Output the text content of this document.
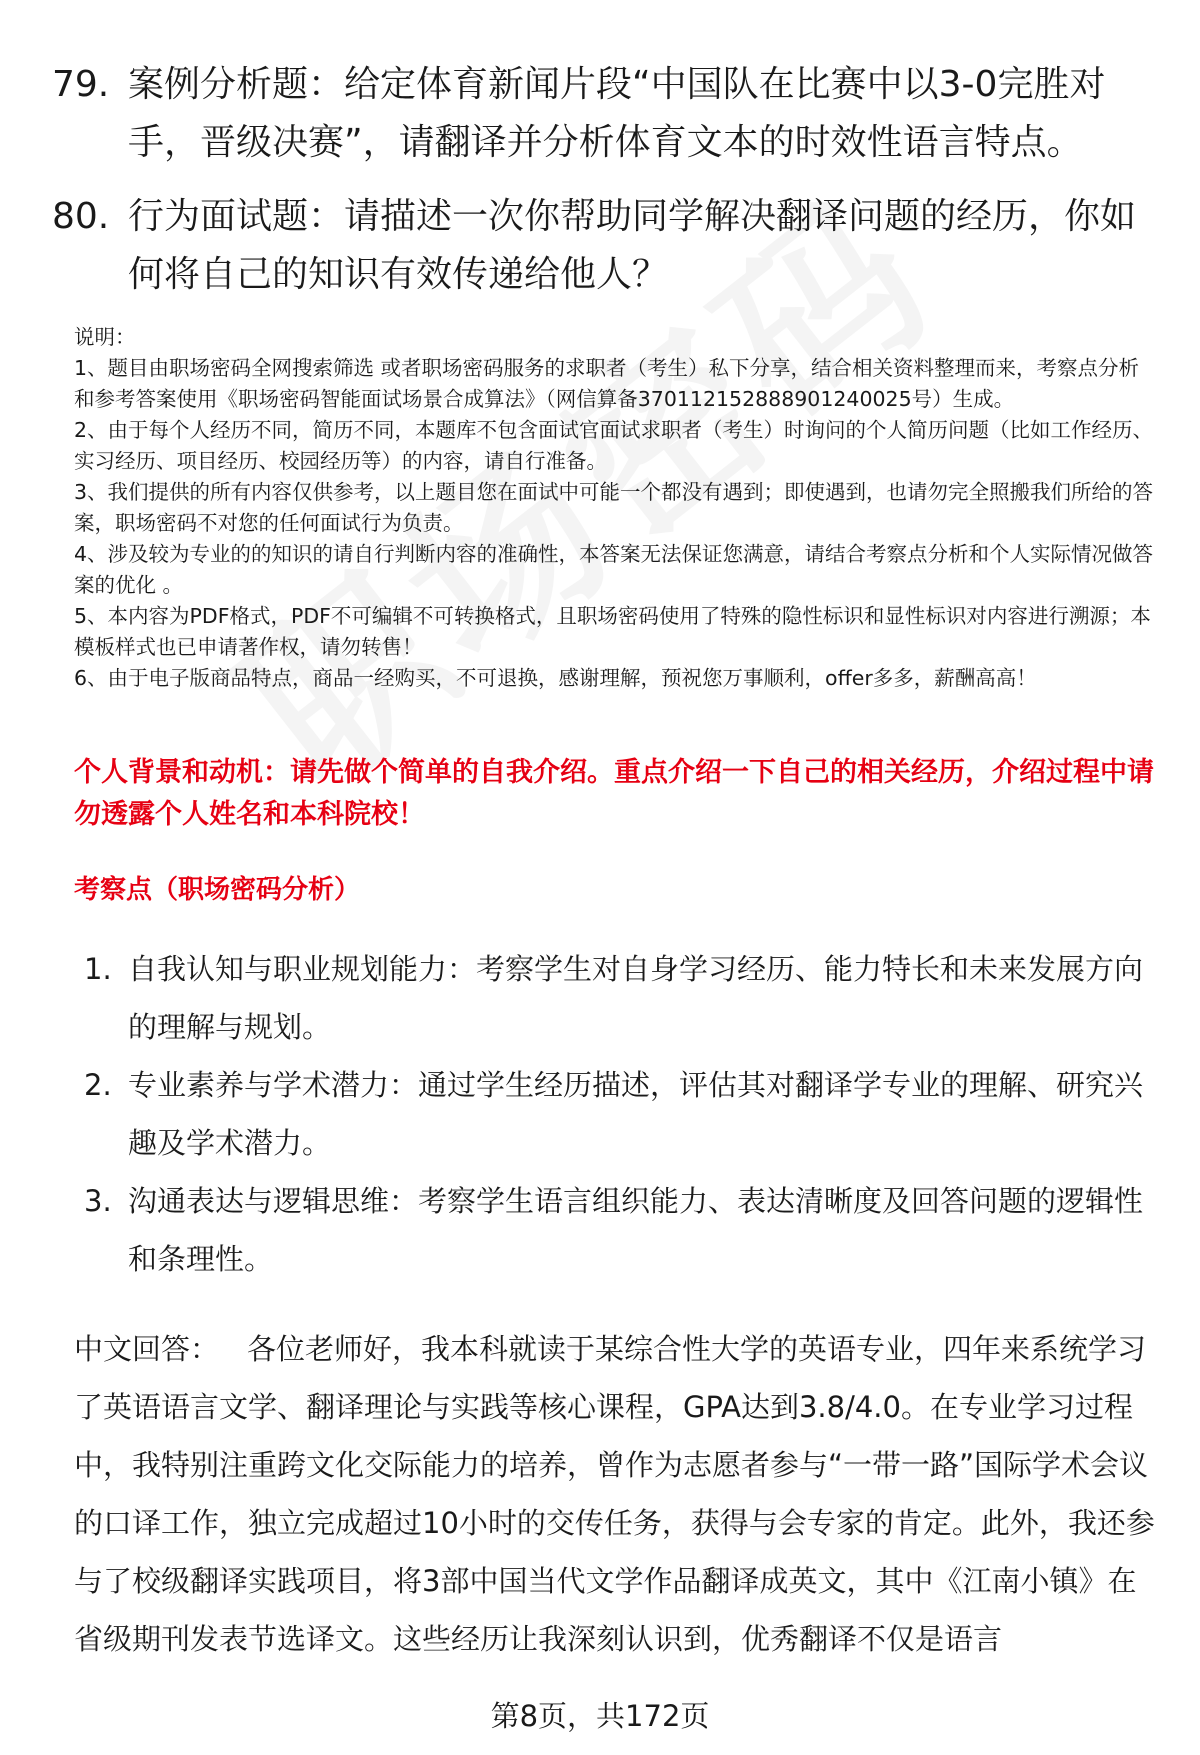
79. 案例分析题：给定体育新闻片段“中国队在比赛中以3-0完胜对手，晋级决赛”，请翻译并分析体育文本的时效性语言特点。
80. 行为面试题：请描述一次你帮助同学解决翻译问题的经历，你如何将自己的知识有效传递给他人？

说明：

1、题目由职场密码全网搜索筛选 或者职场密码服务的求职者（考生）私下分享，结合相关资料整理而来，考察点分析和参考答案使用《职场密码智能面试场景合成算法》（网信算备370112152888901240025号）生成。

2、由于每个人经历不同，简历不同，本题库不包含面试官面试求职者（考生）时询问的个人简历问题（比如工作经历、实习经历、项目经历、校园经历等）的内容，请自行准备。

3、我们提供的所有内容仅供参考，以上题目您在面试中可能一个都没有遇到；即使遇到，也请勿完全照搬我们所给的答案，职场密码不对您的任何面试行为负责。

4、涉及较为专业的的知识的请自行判断内容的准确性，本答案无法保证您满意，请结合考察点分析和个人实际情况做答案的优化 。

5、本内容为PDF格式，PDF不可编辑不可转换格式，且职场密码使用了特殊的隐性标识和显性标识对内容进行溯源；本模板样式也已申请著作权，请勿转售！

6、由于电子版商品特点，商品一经购买，不可退换，感谢理解，预祝您万事顺利，offer多多，薪酬高高！

个人背景和动机：请先做个简单的自我介绍。重点介绍一下自己的相关经历，介绍过程中请勿透露个人姓名和本科院校！
考察点（职场密码分析）
1. 自我认知与职业规划能力：考察学生对自身学习经历、能力特长和未来发展方向的理解与规划。
2. 专业素养与学术潜力：通过学生经历描述，评估其对翻译学专业的理解、研究兴趣及学术潜力。
3. 沟通表达与逻辑思维：考察学生语言组织能力、表达清晰度及回答问题的逻辑性和条理性。
中文回答： 各位老师好，我本科就读于某综合性大学的英语专业，四年来系统学习了英语语言文学、翻译理论与实践等核心课程，GPA达到3.8/4.0。在专业学习过程中，我特别注重跨文化交际能力的培养，曾作为志愿者参与“一带一路”国际学术会议的口译工作，独立完成超过10小时的交传任务，获得与会专家的肯定。此外，我还参与了校级翻译实践项目，将3部中国当代文学作品翻译成英文，其中《江南小镇》在省级期刊发表节选译文。这些经历让我深刻认识到，优秀翻译不仅是语言
第8页，共172页
